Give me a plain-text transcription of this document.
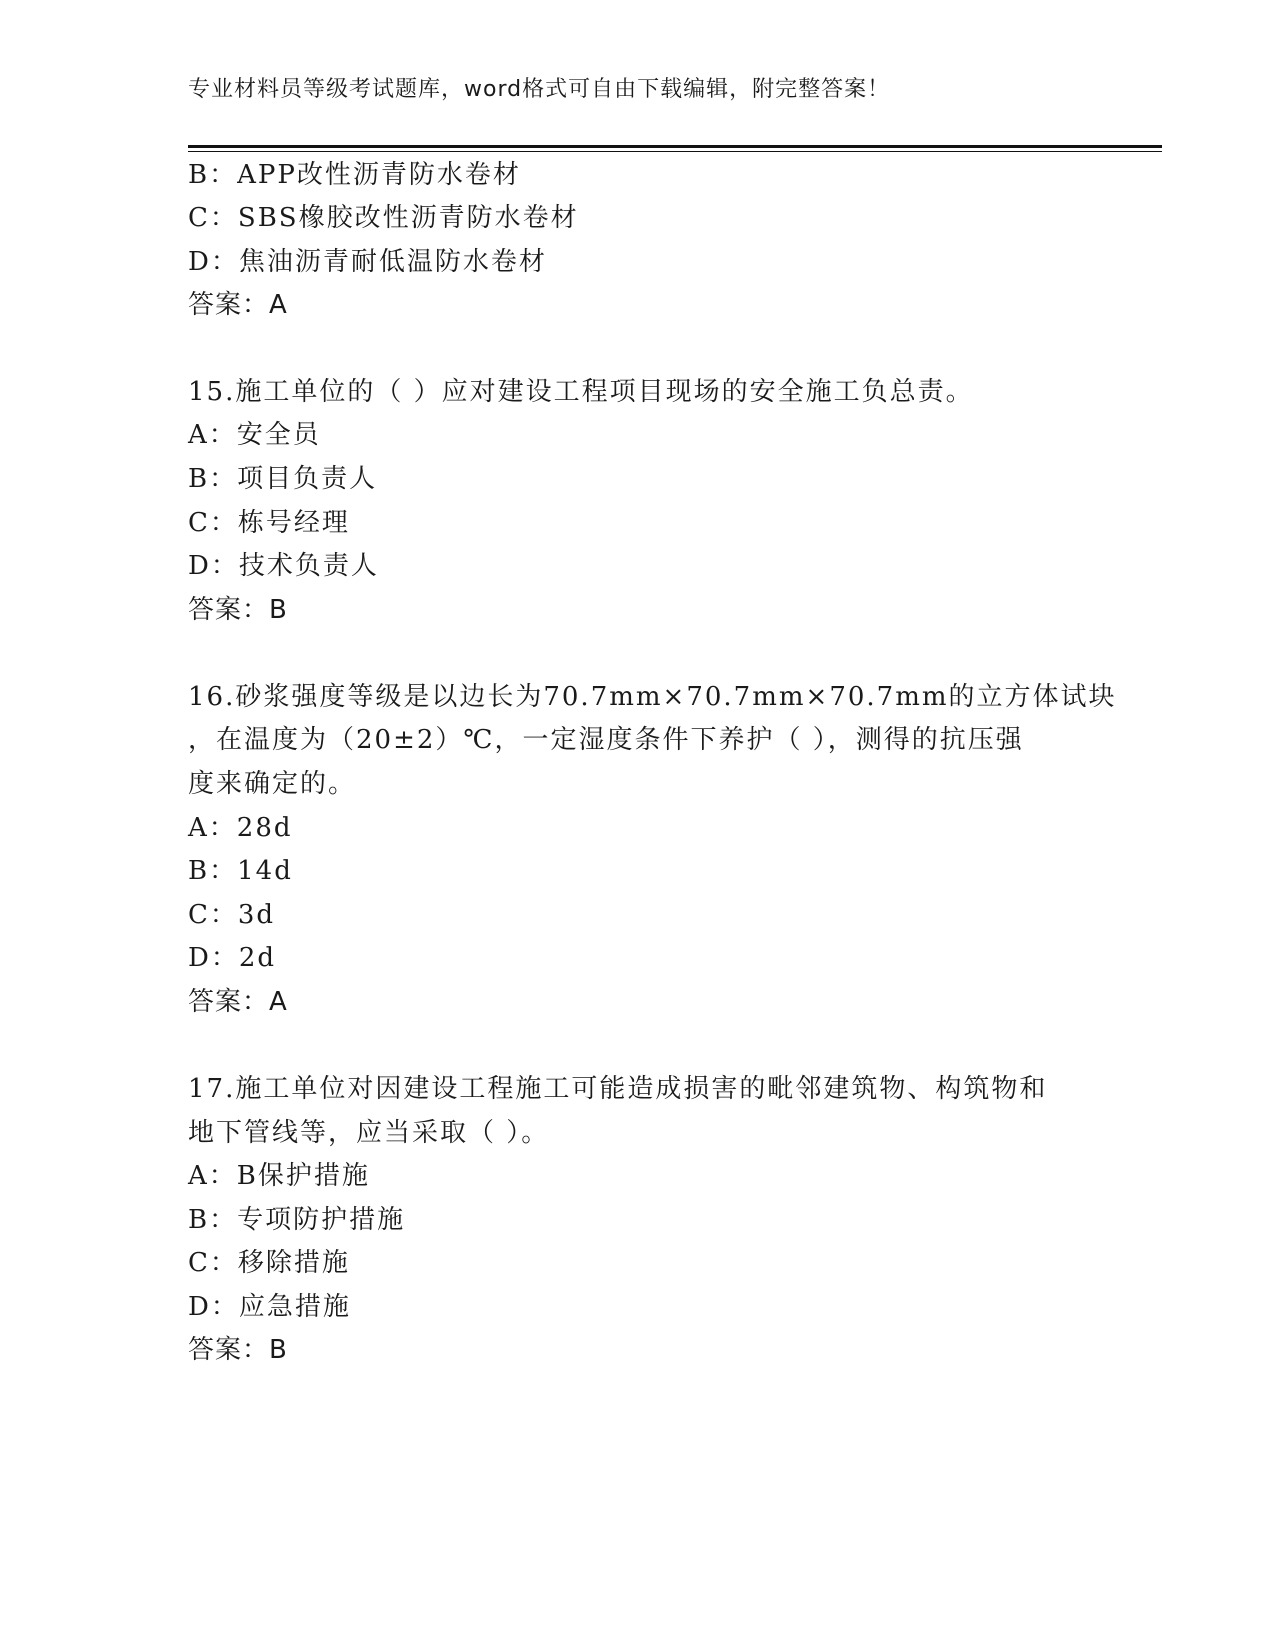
专业材料员等级考试题库，word格式可自由下载编辑，附完整答案！
B：APP改性沥青防水卷材
C：SBS橡胶改性沥青防水卷材
D：焦油沥青耐低温防水卷材
答案：A
15.施工单位的（ ）应对建设工程项目现场的安全施工负总责。
A：安全员
B：项目负责人
C：栋号经理
D：技术负责人
答案：B
16.砂浆强度等级是以边长为70.7mm×70.7mm×70.7mm的立方体试块
，在温度为（20±2）℃，一定湿度条件下养护（ ），测得的抗压强
度来确定的。
A：28d
B：14d
C：3d
D：2d
答案：A
17.施工单位对因建设工程施工可能造成损害的毗邻建筑物、构筑物和
地下管线等，应当采取（ ）。
A：B保护措施
B：专项防护措施
C：移除措施
D：应急措施
答案：B
